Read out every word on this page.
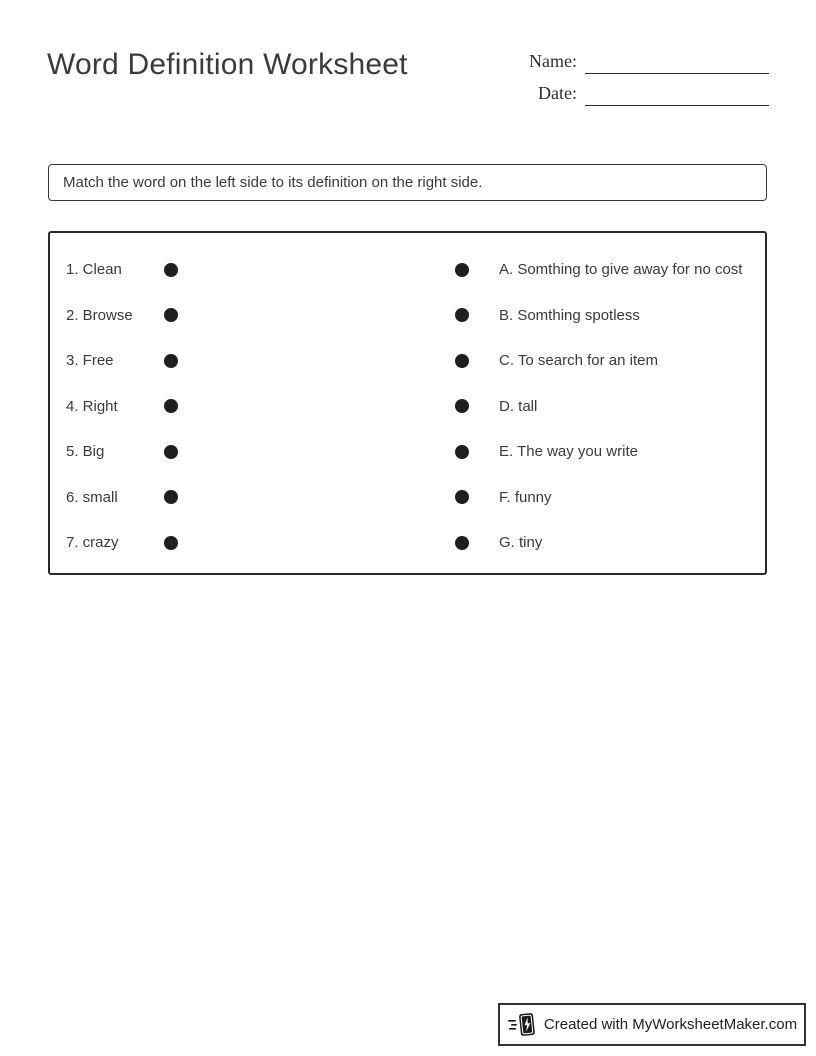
Word Definition Worksheet	Name:
Date:
Match the word on the left side to its definition on the right side.
1. Clean
2. Browse
3. Free
4. Right
5. Big
6. small
7. crazy
A. Somthing to give away for no cost
B. Somthing spotless
C. To search for an item
D. tall
E. The way you write
F. funny
G. tiny
Created with MyWorksheetMaker.com
